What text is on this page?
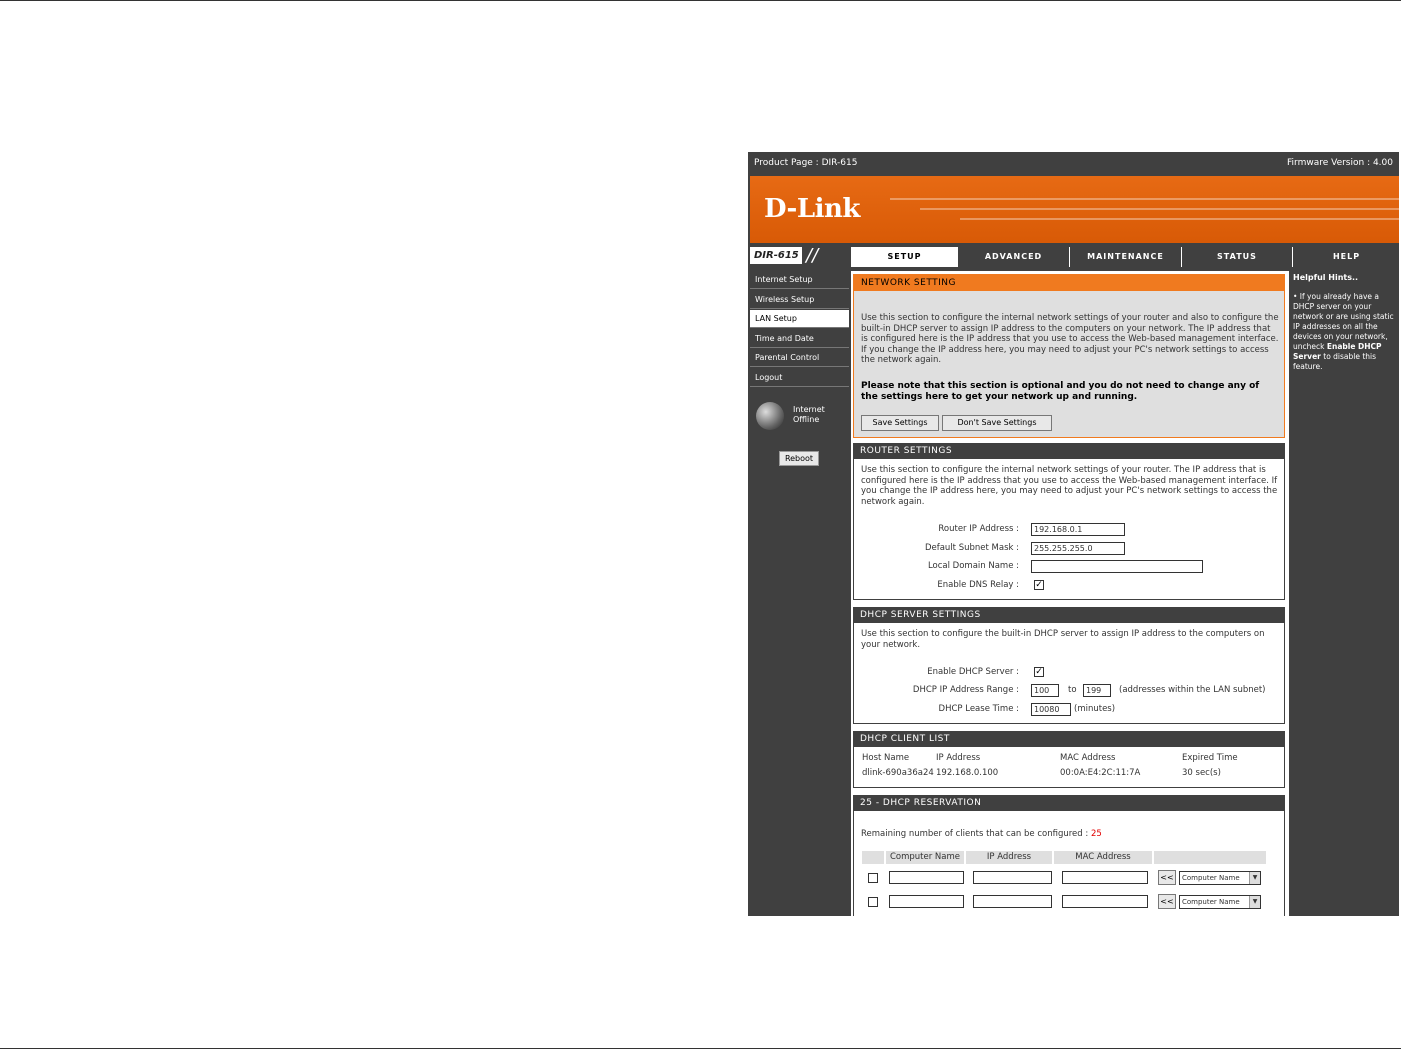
Product Page : DIR-615	Firmware Version : 4.00
D-Link
DIR-615 //	SETUP	ADVANCED	MAINTENANCE	STATUS	HELP
Internet Setup
Wireless Setup
LAN Setup
Time and Date
Parental Control
Logout
Internet
Offline
Reboot
NETWORK SETTING
Use this section to configure the internal network settings of your router and also to configure the built-in DHCP server to assign IP address to the computers on your network. The IP address that is configured here is the IP address that you use to access the Web-based management interface. If you change the IP address here, you may need to adjust your PC's network settings to access the network again.
Please note that this section is optional and you do not need to change any of the settings here to get your network up and running.
Save Settings	Don't Save Settings
ROUTER SETTINGS
Use this section to configure the internal network settings of your router. The IP address that is configured here is the IP address that you use to access the Web-based management interface. If you change the IP address here, you may need to adjust your PC's network settings to access the network again.
Router IP Address :	192.168.0.1
Default Subnet Mask :	255.255.255.0
Local Domain Name :
Enable DNS Relay : ✓
DHCP SERVER SETTINGS
Use this section to configure the built-in DHCP server to assign IP address to the computers on your network.
Enable DHCP Server : ✓
DHCP IP Address Range :	100	to	199	(addresses within the LAN subnet)
DHCP Lease Time :	10080	(minutes)
DHCP CLIENT LIST
Host Name	IP Address	MAC Address	Expired Time
dlink-690a36a24 192.168.0.100	00:0A:E4:2C:11:7A	30 sec(s)
25 - DHCP RESERVATION
Remaining number of clients that can be configured : 25
Computer Name	IP Address	MAC Address
<<	Computer Name	▼
<<	Computer Name	▼
Helpful Hints..
• If you already have a DHCP server on your network or are using static IP addresses on all the devices on your network, uncheck Enable DHCP Server to disable this feature.
